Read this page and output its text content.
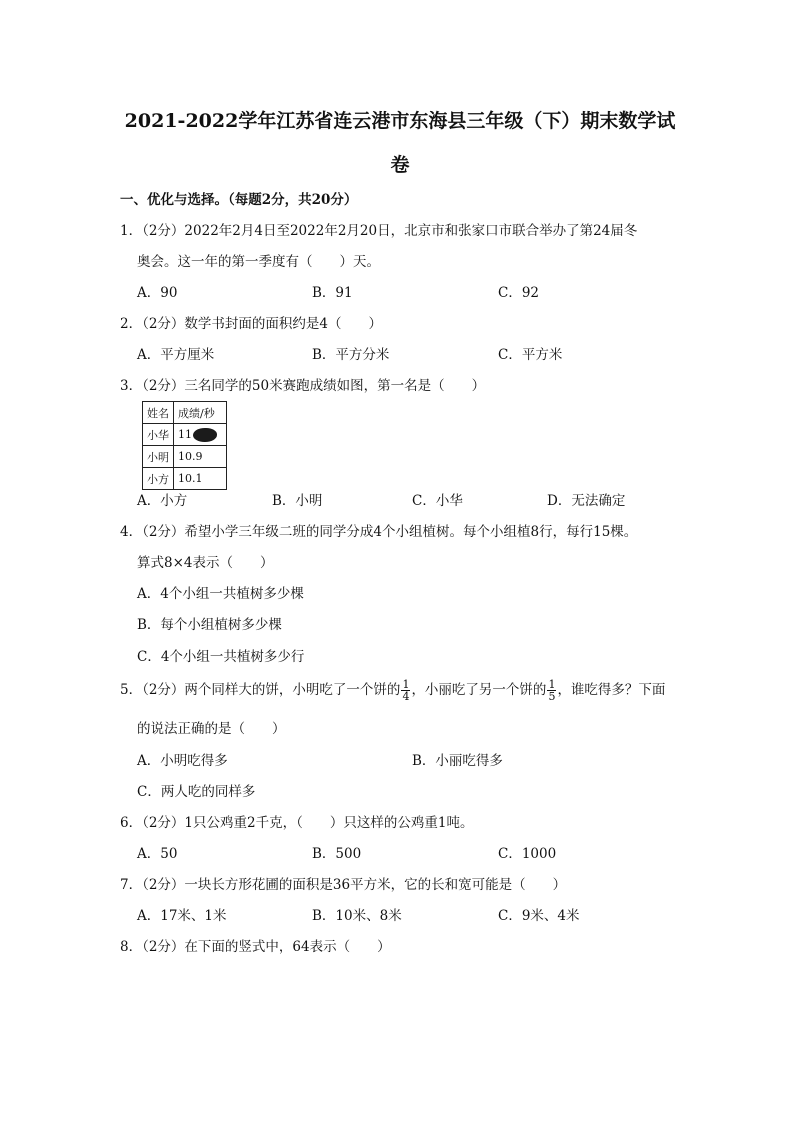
2021-2022学年江苏省连云港市东海县三年级（下）期末数学试
卷
一、优化与选择。（每题2分，共20分）
1．（2分）2022年2月4日至2022年2月20日，北京市和张家口市联合举办了第24届冬
奥会。这一年的第一季度有（　　）天。
A．90	B．91	C．92
2．（2分）数学书封面的面积约是4（　　）
A．平方厘米	B．平方分米	C．平方米
3．（2分）三名同学的50米赛跑成绩如图，第一名是（　　）
姓名	成绩/秒
小华	11
小明	10.9
小方	10.1
A．小方	B．小明	C．小华	D．无法确定
4．（2分）希望小学三年级二班的同学分成4个小组植树。每个小组植8行，每行15棵。
算式8×4表示（　　）
A．4个小组一共植树多少棵
B．每个小组植树多少棵
C．4个小组一共植树多少行
5．（2分）两个同样大的饼，小明吃了一个饼的 $\frac{1}{4}$ ，小丽吃了另一个饼的 $\frac{1}{5}$ ，谁吃得多？下面
的说法正确的是（　　）
A．小明吃得多	B．小丽吃得多
C．两人吃的同样多
6．（2分）1只公鸡重2千克，（　　）只这样的公鸡重1吨。
A．50	B．500	C．1000
7．（2分）一块长方形花圃的面积是36平方米，它的长和宽可能是（　　）
A．17米、1米	B．10米、8米	C．9米、4米
8．（2分）在下面的竖式中，64表示（　　）
